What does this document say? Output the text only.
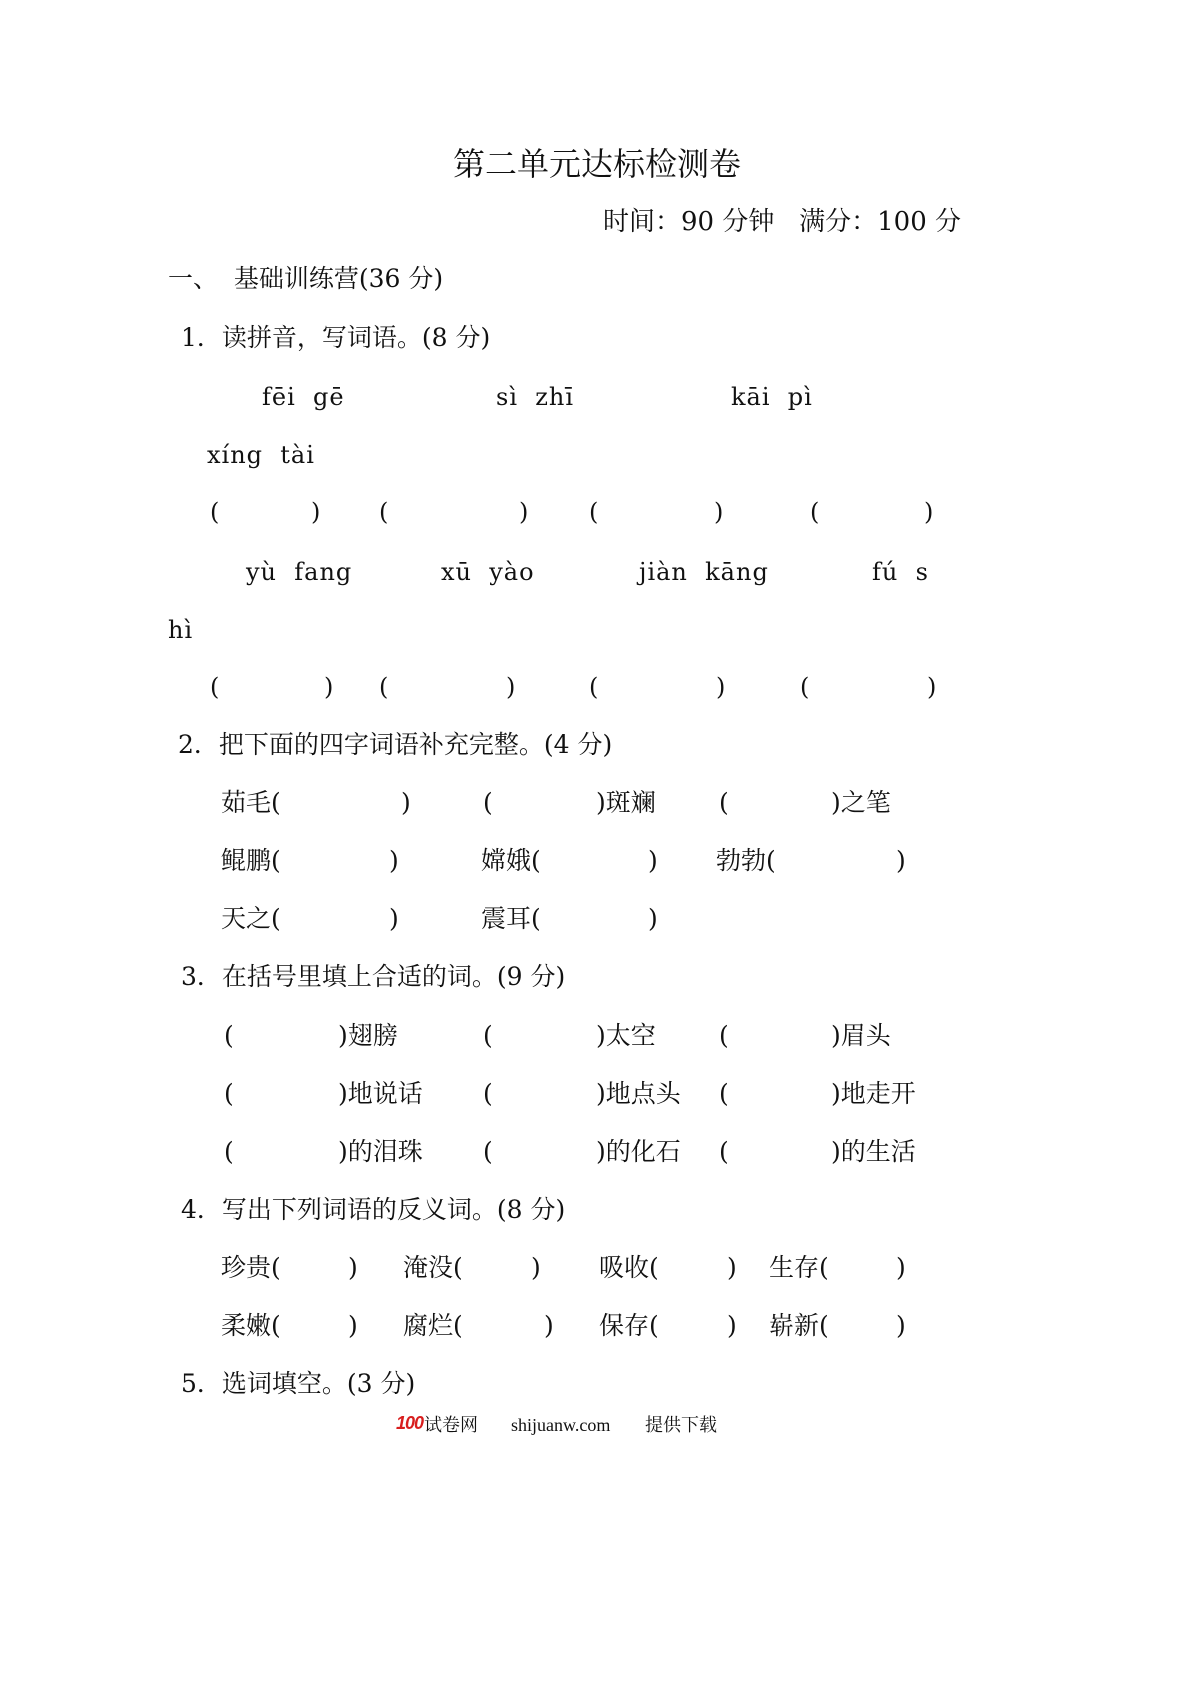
第二单元达标检测卷
时间：90 分钟   满分：100 分
一、  基础训练营(36 分)
1．读拼音，写词语。(8 分)
fēi  gē	sì  zhī	kāi  pì
xíng  tài
(	) (	)	(	)	(	)
yù  fang	xū  yào	jiàn  kāng	fú  s
hì
(	) (	)	(	)	(	)
2．把下面的四字词语补充完整。(4 分)
茹毛(	)	(	)斑斓	(	)之笔
鲲鹏(	)	嫦娥(	) 勃勃(	)
天之(	)	震耳(	)
3．在括号里填上合适的词。(9 分)
(	)翅膀	(	)太空	(	)眉头
(	)地说话 (	)地点头 (	)地走开
(	)的泪珠 (	)的化石 (	)的生活
4．写出下列词语的反义词。(8 分)
珍贵(	) 淹没(	) 吸收(	) 生存(	)
柔嫩(	) 腐烂(	) 保存(	) 崭新(	)
5．选词填空。(3 分)
100 试卷网 shijuanw.com 提供下载
